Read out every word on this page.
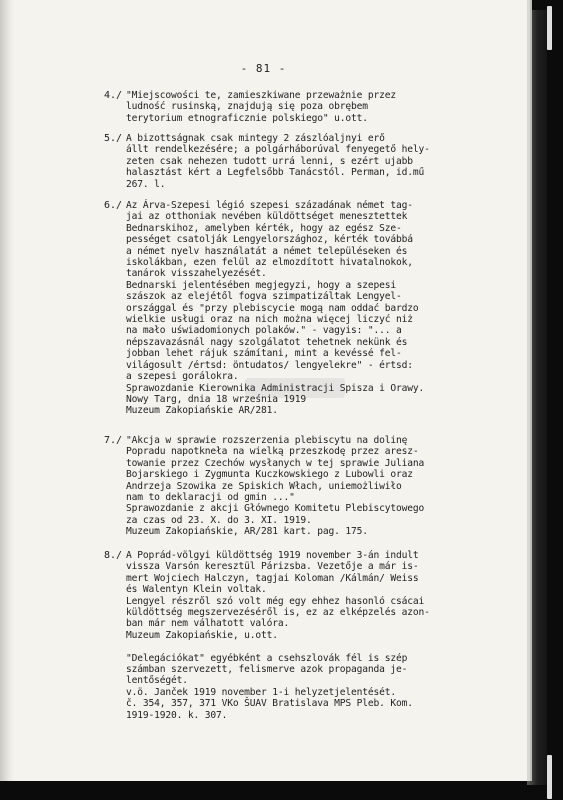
- 81 -
4./ "Miejscowości te, zamieszkiwane przeważnie przez
ludność rusinską, znajdują się poza obrębem
terytorium etnograficznie polskiego" u.ott.
5./ A bizottságnak csak mintegy 2 zászlóaljnyi erő
állt rendelkezésére; a polgárháborúval fenyegető hely-
zeten csak nehezen tudott urrá lenni, s ezért ujabb
halasztást kért a Legfelsőbb Tanácstól. Perman, id.mű
267. l.
6./ Az Árva-Szepesi légió szepesi századának német tag-
jai az otthoniak nevében küldöttséget menesztettek
Bednarskihoz, amelyben kérték, hogy az egész Sze-
pességet csatolják Lengyelországhoz, kérték továbbá
a német nyelv használatát a német településeken és
iskolákban, ezen felül az elmozdított hivatalnokok,
tanárok visszahelyezését.
Bednarski jelentésében megjegyzi, hogy a szepesi
szászok az elejétől fogva szimpatizáltak Lengyel-
országgal és "przy plebiscycie mogą nam oddać bardzo
wielkie usługi oraz na nich można więcej liczyć niż
na mało uświadomionych polaków." - vagyis: "... a
népszavazásnál nagy szolgálatot tehetnek nekünk és
jobban lehet rájuk számítani, mint a kevéssé fel-
világosult /értsd: öntudatos/ lengyelekre" - értsd:
a szepesi gorálokra.
Sprawozdanie Kierownika Administracji Spisza i Orawy.
Nowy Targ, dnia 18 września 1919
Muzeum Zakopiańskie AR/281.
7./ "Akcja w sprawie rozszerzenia plebiscytu na dolinę
Popradu napotkneła na wielką przeszkodę przez aresz-
towanie przez Czechów wysłanych w tej sprawie Juliana
Bojarskiego i Zygmunta Kuczkowskiego z Lubowli oraz
Andrzeja Szowika ze Spiskich Włach, uniemożliwiło
nam to deklaracji od gmin ..."
Sprawozdanie z akcji Głównego Komitetu Plebiscytowego
za czas od 23. X. do 3. XI. 1919.
Muzeum Zakopiańskie, AR/281 kart. pag. 175.
8./ A Poprád-völgyi küldöttség 1919 november 3-án indult
vissza Varsón keresztül Párizsba. Vezetője a már is-
mert Wojciech Halczyn, tagjai Koloman /Kálmán/ Weiss
és Walentyn Klein voltak.
Lengyel részről szó volt még egy ehhez hasonló csácai
küldöttség megszervezéséről is, ez az elképzelés azon-
ban már nem válhatott valóra.
Muzeum Zakopiańskie, u.ott.
"Delegációkat" egyébként a csehszlovák fél is szép
számban szervezett, felismerve azok propaganda je-
lentőségét.
v.ö. Janček 1919 november 1-i helyzetjelentését.
č. 354, 357, 371 VKo ŠUAV Bratislava MPS Pleb. Kom.
1919-1920. k. 307.
